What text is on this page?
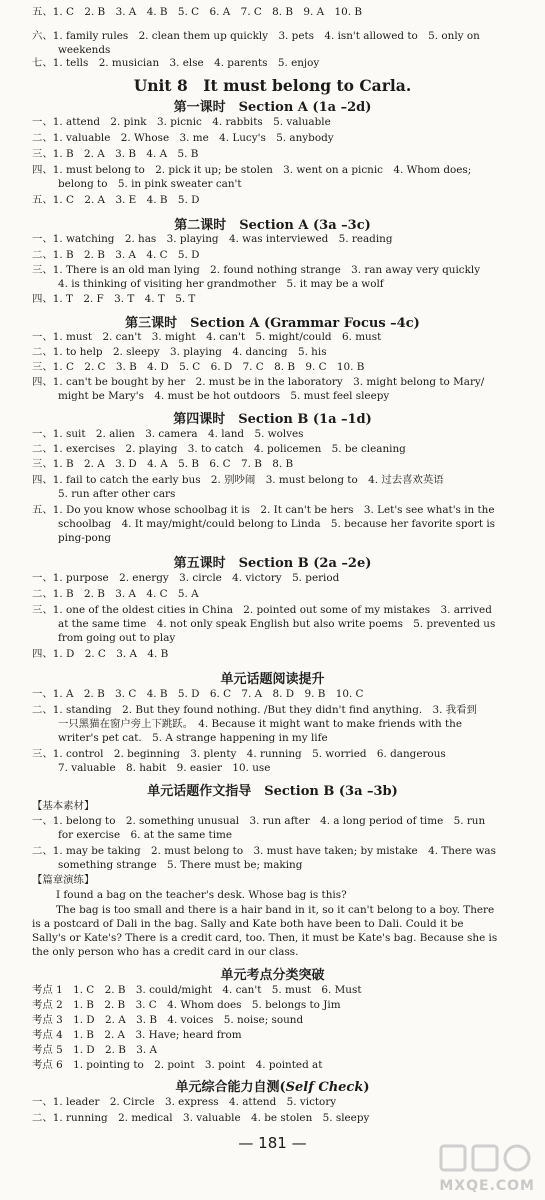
五、1. C　2. B　3. A　4. B　5. C　6. A　7. C　8. B　9. A　10. B
六、1. family rules　2. clean them up quickly　3. pets　4. isn't allowed to　5. only on
weekends
七、1. tells　2. musician　3. else　4. parents　5. enjoy
Unit 8　It must belong to Carla.
第一课时　Section A (1a –2d)
一、1. attend　2. pink　3. picnic　4. rabbits　5. valuable
二、1. valuable　2. Whose　3. me　4. Lucy's　5. anybody
三、1. B　2. A　3. B　4. A　5. B
四、1. must belong to　2. pick it up; be stolen　3. went on a picnic　4. Whom does;
belong to　5. in pink sweater can't
五、1. C　2. A　3. E　4. B　5. D
第二课时　Section A (3a –3c)
一、1. watching　2. has　3. playing　4. was interviewed　5. reading
二、1. B　2. B　3. A　4. C　5. D
三、1. There is an old man lying　2. found nothing strange　3. ran away very quickly
4. is thinking of visiting her grandmother　5. it may be a wolf
四、1. T　2. F　3. T　4. T　5. T
第三课时　Section A (Grammar Focus –4c)
一、1. must　2. can't　3. might　4. can't　5. might/could　6. must
二、1. to help　2. sleepy　3. playing　4. dancing　5. his
三、1. C　2. C　3. B　4. D　5. C　6. D　7. C　8. B　9. C　10. B
四、1. can't be bought by her　2. must be in the laboratory　3. might belong to Mary/
might be Mary's　4. must be hot outdoors　5. must feel sleepy
第四课时　Section B (1a –1d)
一、1. suit　2. alien　3. camera　4. land　5. wolves
二、1. exercises　2. playing　3. to catch　4. policemen　5. be cleaning
三、1. B　2. A　3. D　4. A　5. B　6. C　7. B　8. B
四、1. fail to catch the early bus　2. 别吵闹　3. must belong to　4. 过去喜欢英语
5. run after other cars
五、1. Do you know whose schoolbag it is　2. It can't be hers　3. Let's see what's in the
schoolbag　4. It may/might/could belong to Linda　5. because her favorite sport is
ping-pong
第五课时　Section B (2a –2e)
一、1. purpose　2. energy　3. circle　4. victory　5. period
二、1. B　2. B　3. A　4. C　5. A
三、1. one of the oldest cities in China　2. pointed out some of my mistakes　3. arrived
at the same time　4. not only speak English but also write poems　5. prevented us
from going out to play
四、1. D　2. C　3. A　4. B
单元话题阅读提升
一、1. A　2. B　3. C　4. B　5. D　6. C　7. A　8. D　9. B　10. C
二、1. standing　2. But they found nothing. /But they didn't find anything.　3. 我看到
一只黑猫在窗户旁上下跳跃。　4. Because it might want to make friends with the
writer's pet cat.　5. A strange happening in my life
三、1. control　2. beginning　3. plenty　4. running　5. worried　6. dangerous
7. valuable　8. habit　9. easier　10. use
单元话题作文指导　Section B (3a –3b)
【基本素材】
一、1. belong to　2. something unusual　3. run after　4. a long period of time　5. run
for exercise　6. at the same time
二、1. may be taking　2. must belong to　3. must have taken; by mistake　4. There was
something strange　5. There must be; making
【篇章演练】
I found a bag on the teacher's desk. Whose bag is this?
The bag is too small and there is a hair band in it, so it can't belong to a boy. There
is a postcard of Dali in the bag. Sally and Kate both have been to Dali. Could it be
Sally's or Kate's? There is a credit card, too. Then, it must be Kate's bag. Because she is
the only person who has a credit card in our class.
单元考点分类突破
考点 1　1. C　2. B　3. could/might　4. can't　5. must　6. Must
考点 2　1. B　2. B　3. C　4. Whom does　5. belongs to Jim
考点 3　1. D　2. A　3. B　4. voices　5. noise; sound
考点 4　1. B　2. A　3. Have; heard from
考点 5　1. D　2. B　3. A
考点 6　1. pointing to　2. point　3. point　4. pointed at
单元综合能力自测(Self Check)
一、1. leader　2. Circle　3. express　4. attend　5. victory
二、1. running　2. medical　3. valuable　4. be stolen　5. sleepy
— 181 —
MXQE.COM
